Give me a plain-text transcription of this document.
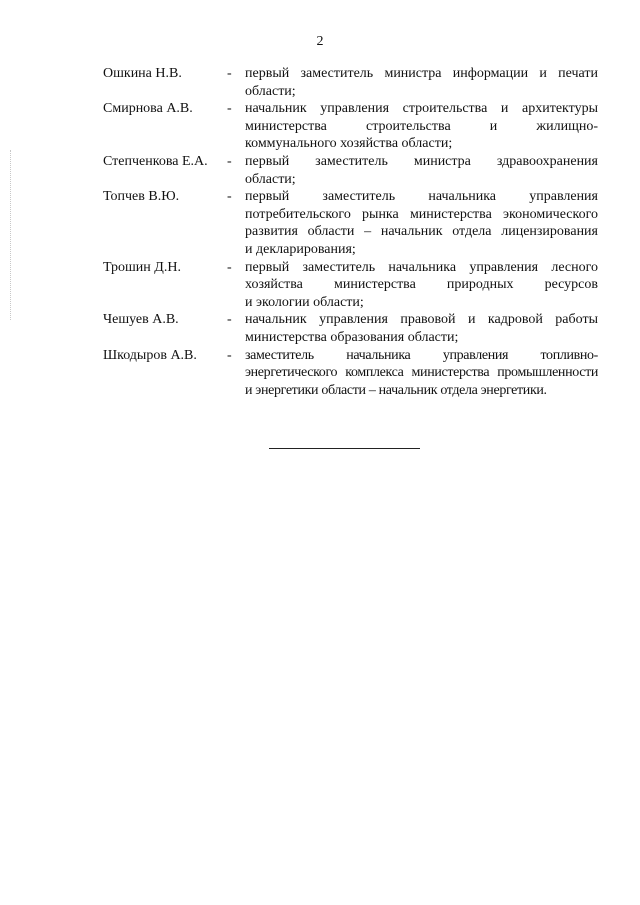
2
Ошкина Н.В.	- первый заместитель министра информации и печати
области;
Смирнова А.В.	- начальник управления строительства и архитектуры
министерства строительства и жилищно-
коммунального хозяйства области;
Степченкова Е.А.	- первый заместитель министра здравоохранения
области;
Топчев В.Ю.	- первый заместитель начальника управления
потребительского рынка министерства экономического
развития области – начальник отдела лицензирования
и декларирования;
Трошин Д.Н.	- первый заместитель начальника управления лесного
хозяйства министерства природных ресурсов
и экологии области;
Чешуев А.В.	- начальник управления правовой и кадровой работы
министерства образования области;
Шкодыров А.В.	- заместитель начальника управления топливно-
энергетического комплекса министерства промышленности
и энергетики области – начальник отдела энергетики.
